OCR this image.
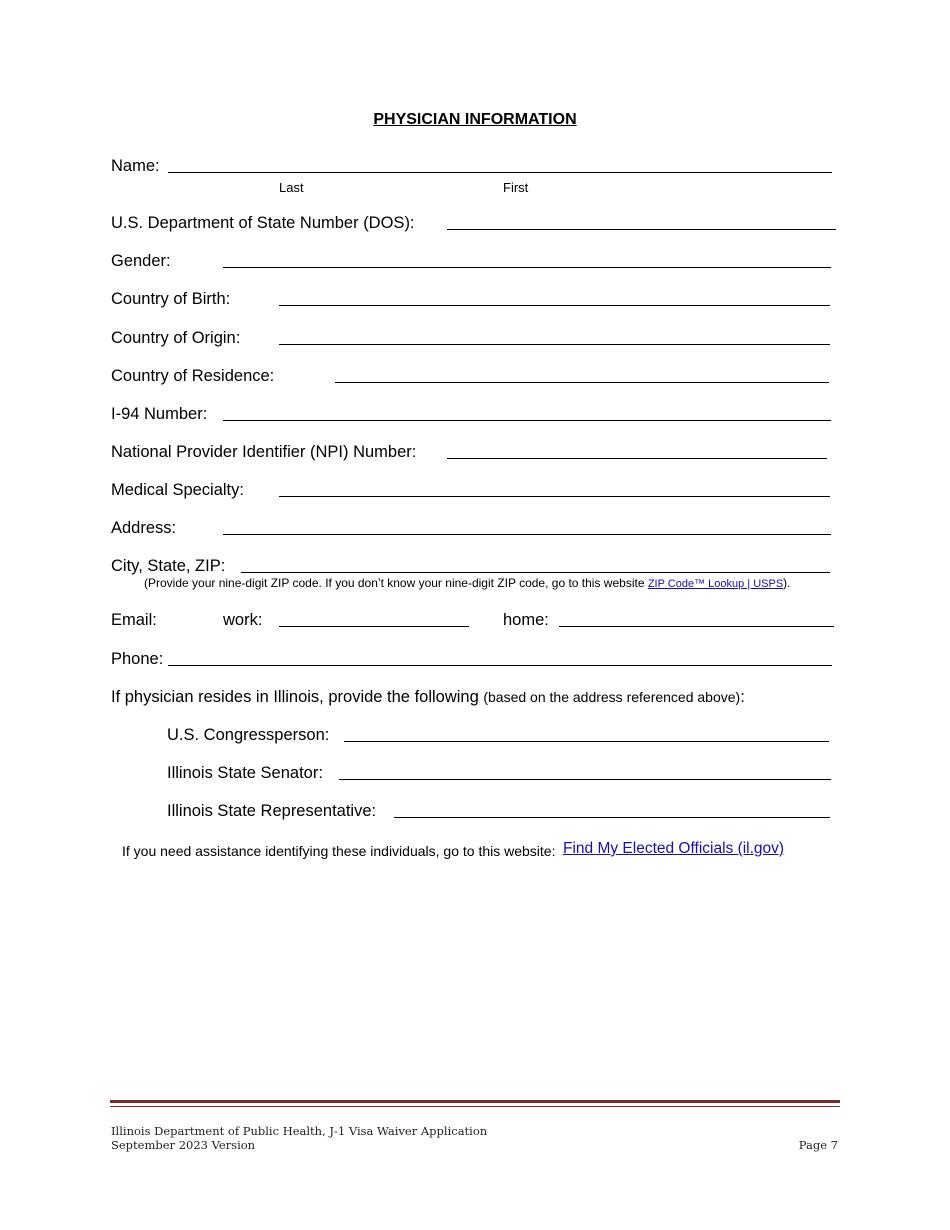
PHYSICIAN INFORMATION
Name:
Last	First
U.S. Department of State Number (DOS):
Gender:
Country of Birth:
Country of Origin:
Country of Residence:
I-94 Number:
National Provider Identifier (NPI) Number:
Medical Specialty:
Address:
City, State, ZIP:
(Provide your nine-digit ZIP code. If you don’t know your nine-digit ZIP code, go to this website ZIP Code™ Lookup | USPS).
Email:	work:	home:
Phone:
If physician resides in Illinois, provide the following (based on the address referenced above):
U.S. Congressperson:
Illinois State Senator:
Illinois State Representative:
If you need assistance identifying these individuals, go to this website: Find My Elected Officials (il.gov)
Illinois Department of Public Health, J-1 Visa Waiver Application
September 2023 Version	Page 7
